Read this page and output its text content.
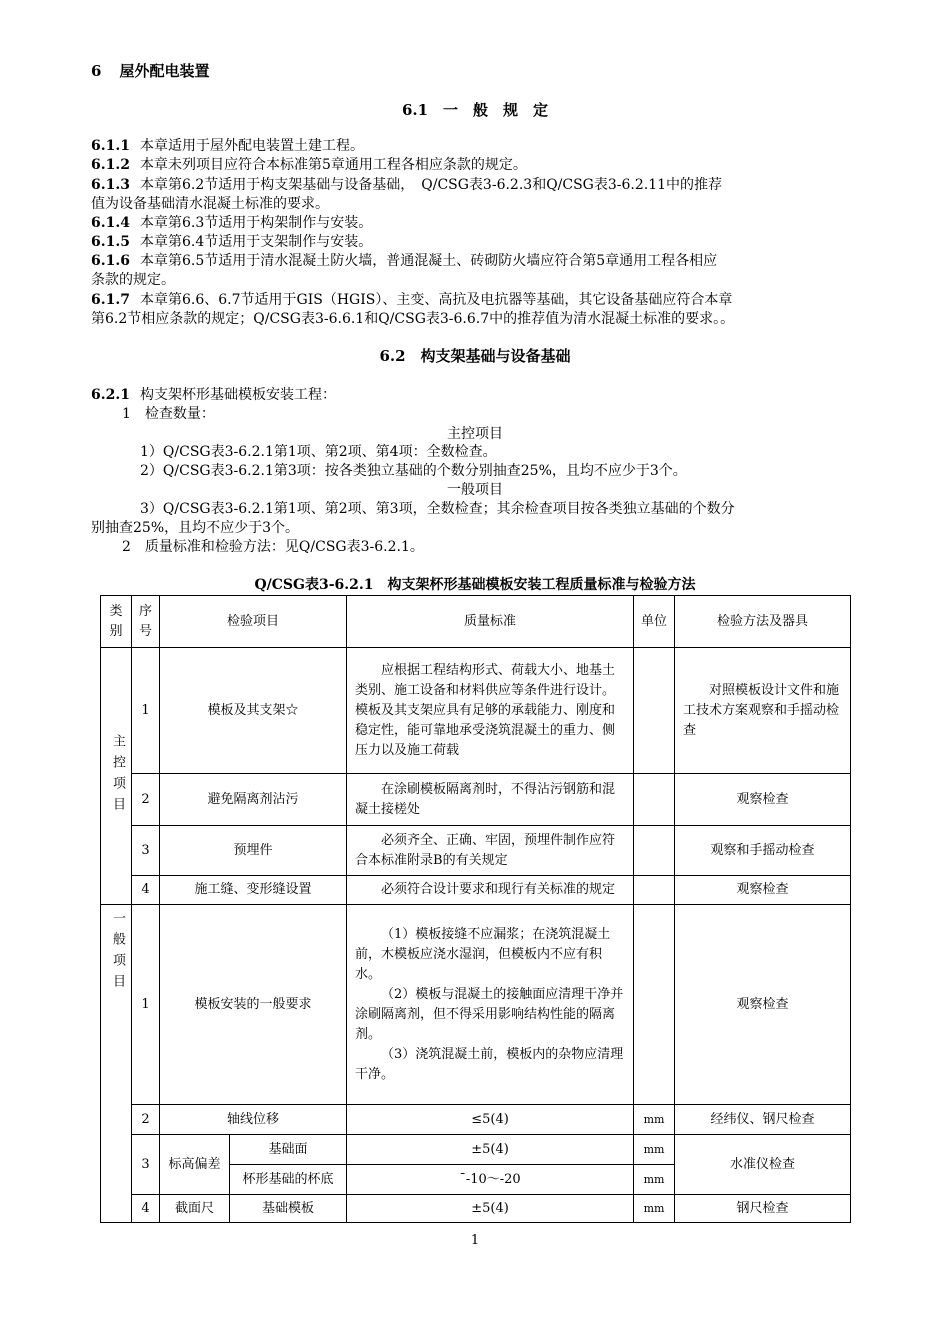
6 屋外配电装置
6.1　一　般　规　定
6.1.1 本章适用于屋外配电装置土建工程。
6.1.2 本章未列项目应符合本标准第5章通用工程各相应条款的规定。
6.1.3 本章第6.2节适用于构支架基础与设备基础，　Q/CSG表3-6.2.3和Q/CSG表3-6.2.11中的推荐
值为设备基础清水混凝土标准的要求。
6.1.4 本章第6.3节适用于构架制作与安装。
6.1.5 本章第6.4节适用于支架制作与安装。
6.1.6 本章第6.5节适用于清水混凝土防火墙，普通混凝土、砖砌防火墙应符合第5章通用工程各相应
条款的规定。
6.1.7 本章第6.6、6.7节适用于GIS（HGIS）、主变、高抗及电抗器等基础，其它设备基础应符合本章
第6.2节相应条款的规定；Q/CSG表3-6.6.1和Q/CSG表3-6.6.7中的推荐值为清水混凝土标准的要求。。
6.2　构支架基础与设备基础
6.2.1 构支架杯形基础模板安装工程：
1　检查数量：
主控项目
1）Q/CSG表3-6.2.1第1项、第2项、第4项：全数检查。
2）Q/CSG表3-6.2.1第3项：按各类独立基础的个数分别抽查25%，且均不应少于3个。
一般项目
3）Q/CSG表3-6.2.1第1项、第2项、第3项，全数检查；其余检查项目按各类独立基础的个数分
别抽查25%，且均不应少于3个。
2　质量标准和检验方法：见Q/CSG表3-6.2.1。
Q/CSG表3-6.2.1　构支架杯形基础模板安装工程质量标准与检验方法
类别	序号	检验项目		质量标准	单位	检验方法及器具

主控项目	1	模板及其支架☆		应根据工程结构形式、荷载大小、地基土类别、施工设备和材料供应等条件进行设计。模板及其支架应具有足够的承载能力、刚度和稳定性，能可靠地承受浇筑混凝土的重力、侧压力以及施工荷载		对照模板设计文件和施工技术方案观察和手摇动检查
	2	避免隔离剂沾污		在涂刷模板隔离剂时，不得沾污钢筋和混凝土接槎处		观察检查
	3	预埋件		必须齐全、正确、牢固，预埋件制作应符合本标准附录B的有关规定		观察和手摇动检查
	4	施工缝、变形缝设置		必须符合设计要求和现行有关标准的规定		观察检查

一般项目	1	模板安装的一般要求		（1）模板接缝不应漏浆；在浇筑混凝土前，木模板应浇水湿润，但模板内不应有积水。
（2）模板与混凝土的接触面应清理干净并涂刷隔离剂，但不得采用影响结构性能的隔离剂。
（3）浇筑混凝土前，模板内的杂物应清理干净。		观察检查
	2	轴线位移		≤5(4)	mm	经纬仪、钢尺检查
	3	标高偏差	基础面	±5(4)	mm	水准仪检查
			杯形基础的杯底	ˉ-10～-20	mm	
	4	截面尺	基础模板	±5(4)	mm	钢尺检查
1
